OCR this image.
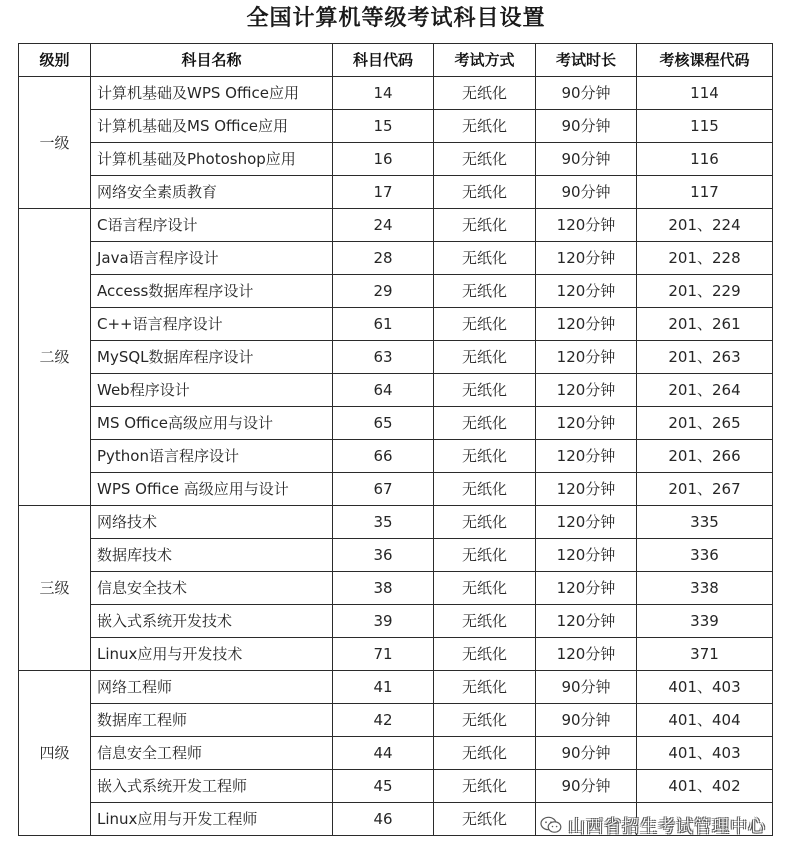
全国计算机等级考试科目设置
级别	科目名称	科目代码	考试方式	考试时长	考核课程代码
一级	计算机基础及WPS Office应用	14	无纸化	90分钟	114
	计算机基础及MS Office应用	15	无纸化	90分钟	115
	计算机基础及Photoshop应用	16	无纸化	90分钟	116
	网络安全素质教育	17	无纸化	90分钟	117
二级	C语言程序设计	24	无纸化	120分钟	201、224
	Java语言程序设计	28	无纸化	120分钟	201、228
	Access数据库程序设计	29	无纸化	120分钟	201、229
	C++语言程序设计	61	无纸化	120分钟	201、261
	MySQL数据库程序设计	63	无纸化	120分钟	201、263
	Web程序设计	64	无纸化	120分钟	201、264
	MS Office高级应用与设计	65	无纸化	120分钟	201、265
	Python语言程序设计	66	无纸化	120分钟	201、266
	WPS Office 高级应用与设计	67	无纸化	120分钟	201、267
三级	网络技术	35	无纸化	120分钟	335
	数据库技术	36	无纸化	120分钟	336
	信息安全技术	38	无纸化	120分钟	338
	嵌入式系统开发技术	39	无纸化	120分钟	339
	Linux应用与开发技术	71	无纸化	120分钟	371
四级	网络工程师	41	无纸化	90分钟	401、403
	数据库工程师	42	无纸化	90分钟	401、404
	信息安全工程师	44	无纸化	90分钟	401、403
	嵌入式系统开发工程师	45	无纸化	90分钟	401、402
	Linux应用与开发工程师	46	无纸化			山西省招生考试管理中心
